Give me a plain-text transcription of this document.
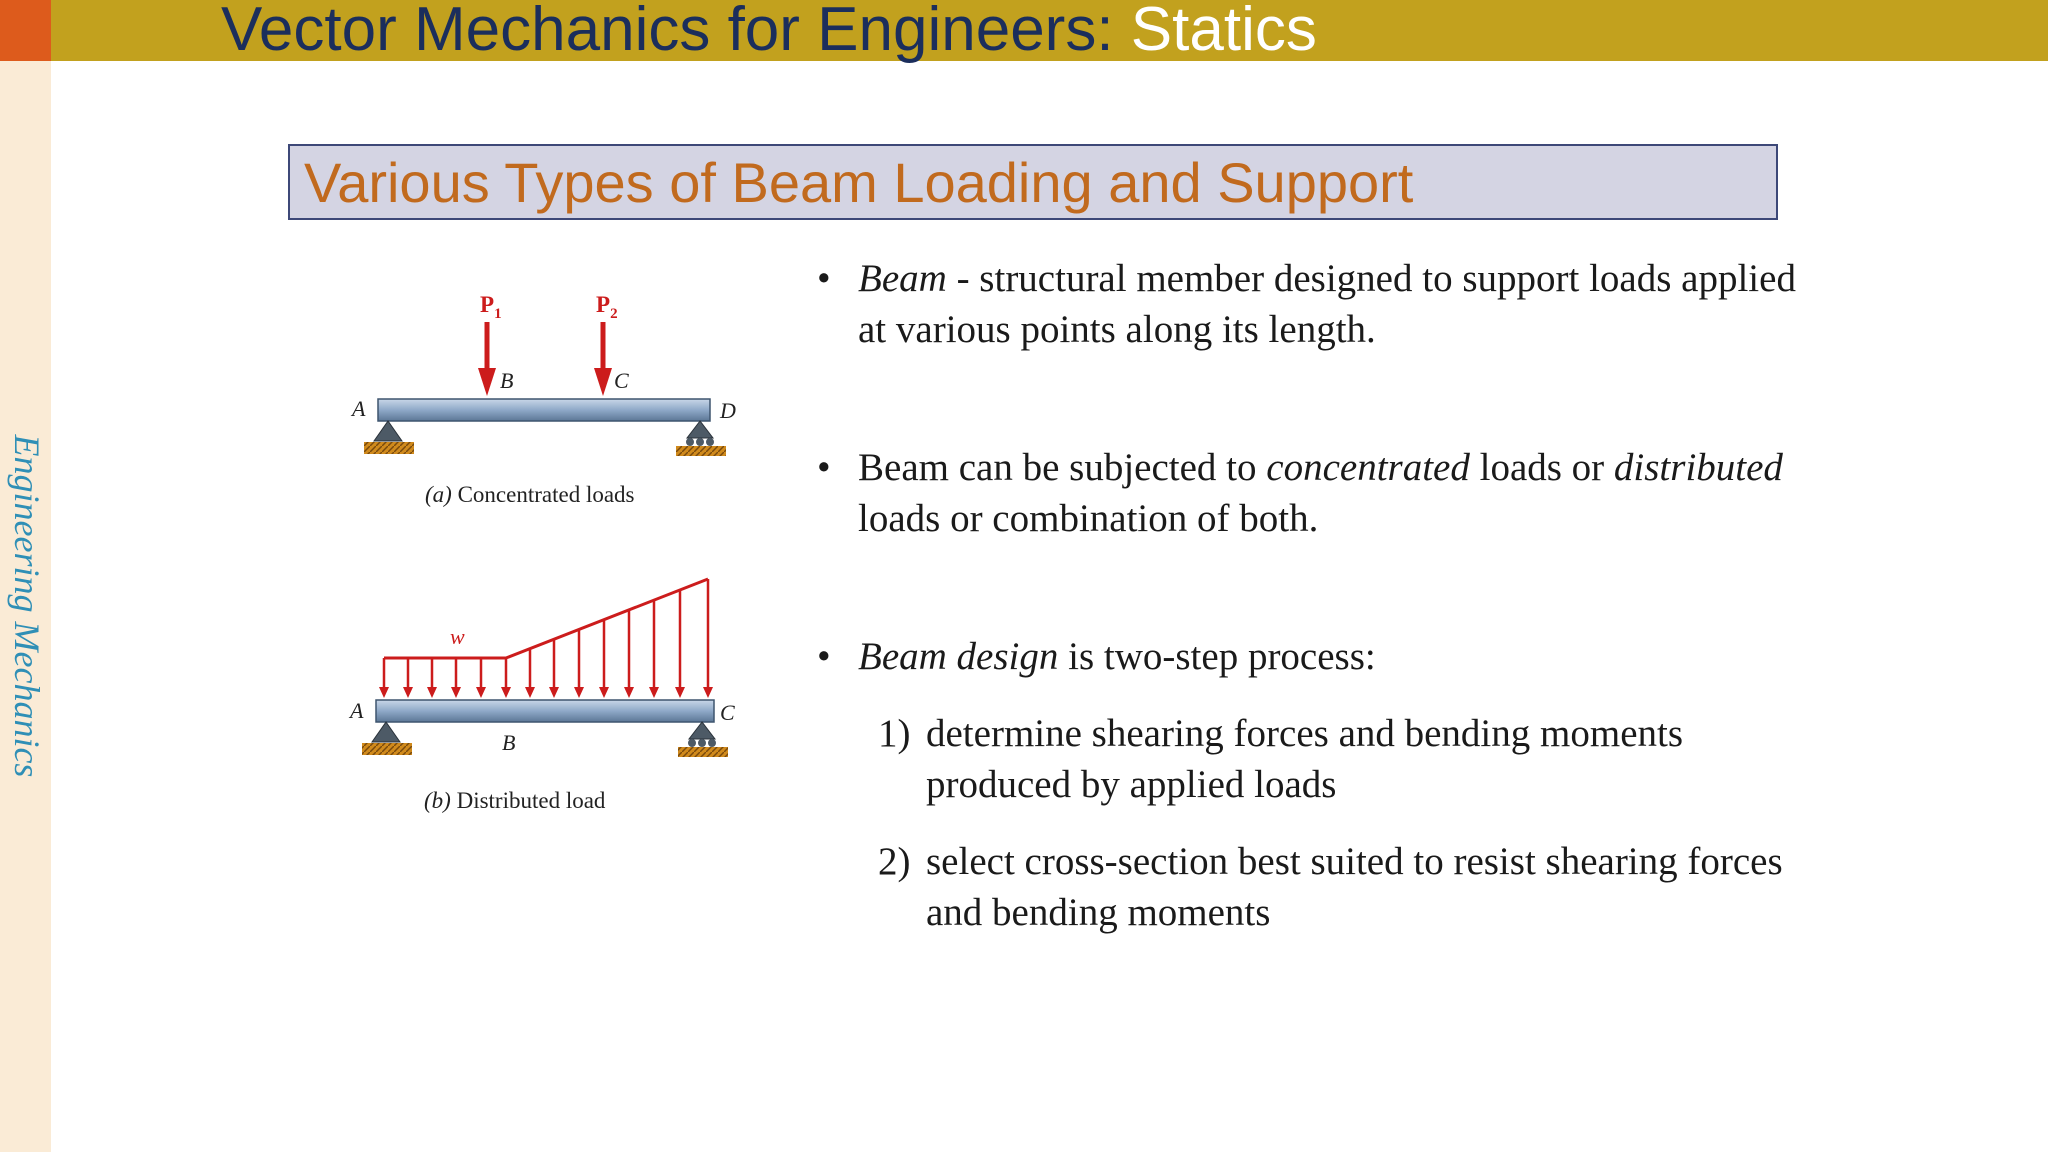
Engineering Mechanics
Vector Mechanics for Engineers: Statics
Various Types of Beam Loading and Support
$P_1$	$P_2$
A
B	C
D
(a) Concentrated loads
w
A
B
C
(b) Distributed load

• Beam - structural member designed to support loads applied at various points along its length.

• Beam can be subjected to concentrated loads or distributed loads or combination of both.

• Beam design is two-step process:

1) determine shearing forces and bending moments produced by applied loads

2) select cross-section best suited to resist shearing forces and bending moments
